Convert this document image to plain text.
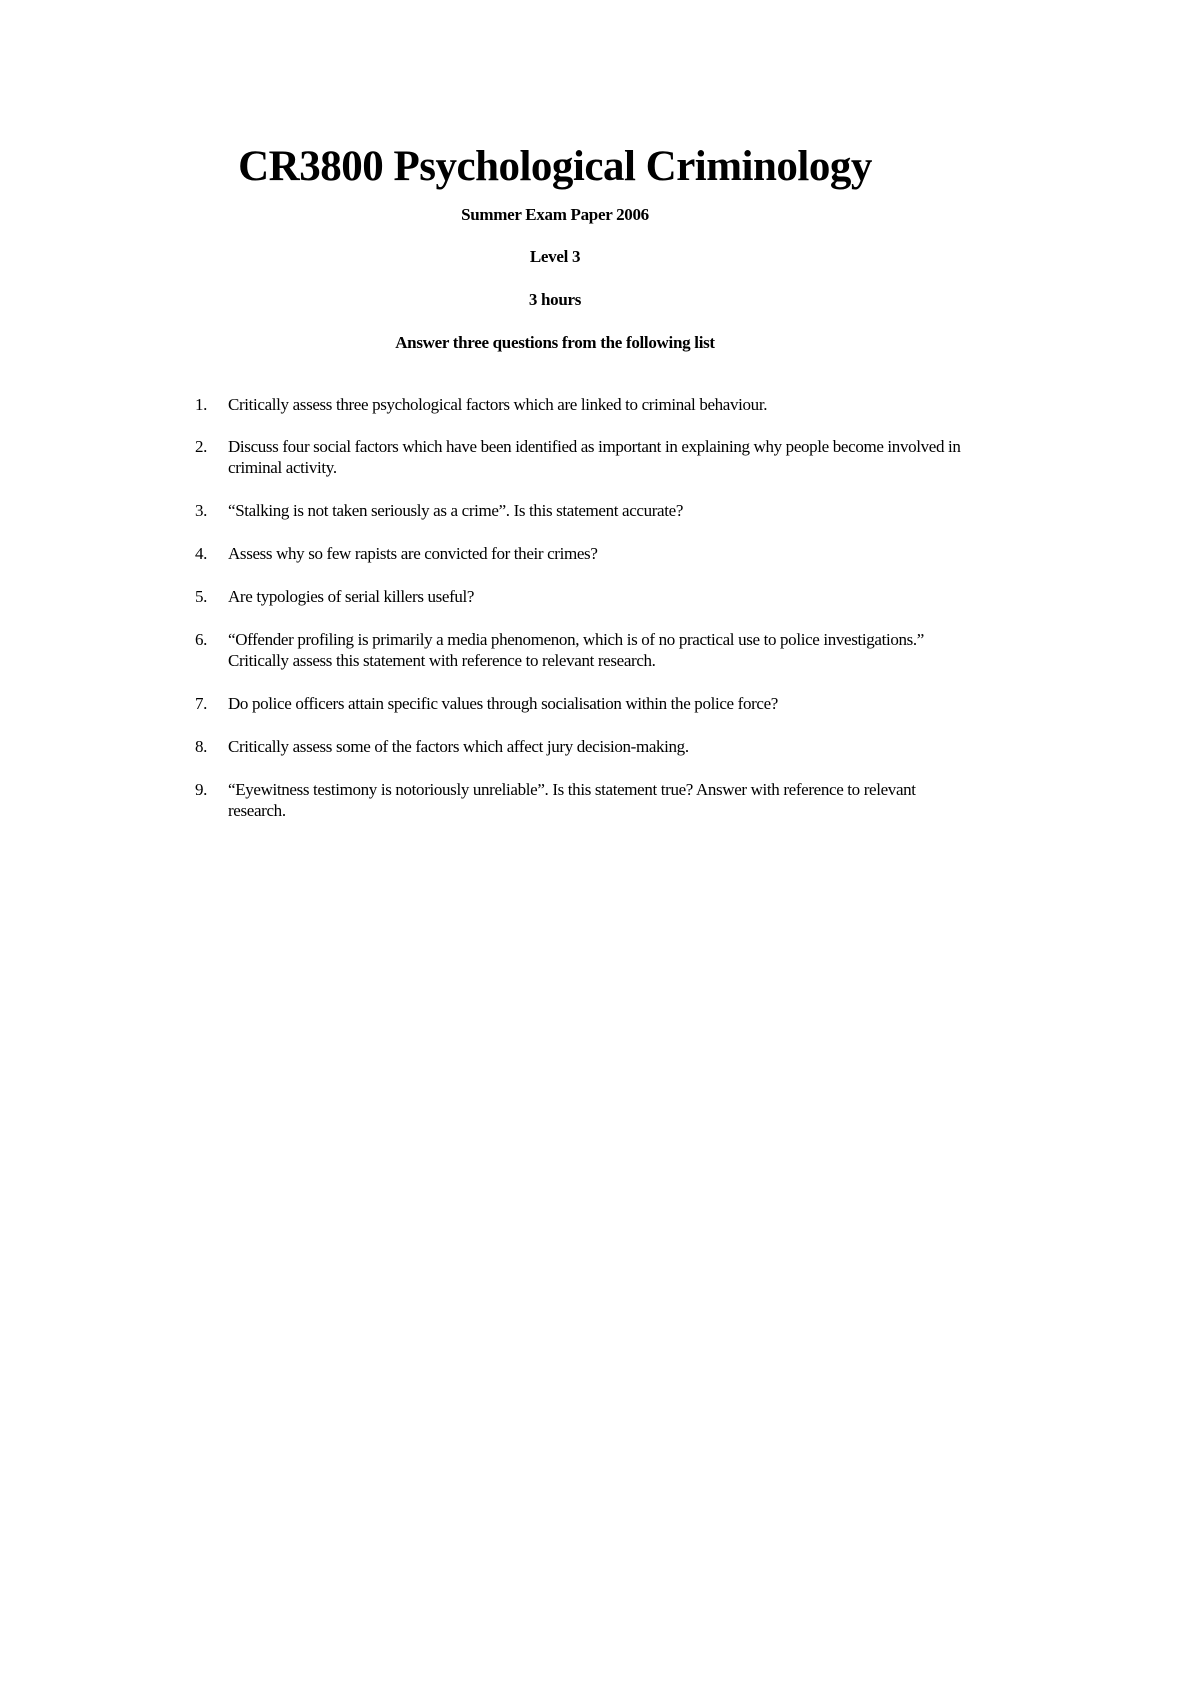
CR3800 Psychological Criminology

Summer Exam Paper 2006

Level 3

3 hours

Answer three questions from the following list

1.	Critically assess three psychological factors which are linked to criminal behaviour.
2.	Discuss four social factors which have been identified as important in explaining why people become involved in criminal activity.
3.	“Stalking is not taken seriously as a crime”. Is this statement accurate?
4.	Assess why so few rapists are convicted for their crimes?
5.	Are typologies of serial killers useful?
6.	“Offender profiling is primarily a media phenomenon, which is of no practical use to police investigations.” Critically assess this statement with reference to relevant research.
7.	Do police officers attain specific values through socialisation within the police force?
8.	Critically assess some of the factors which affect jury decision-making.
9.	“Eyewitness testimony is notoriously unreliable”. Is this statement true? Answer with reference to relevant research.
